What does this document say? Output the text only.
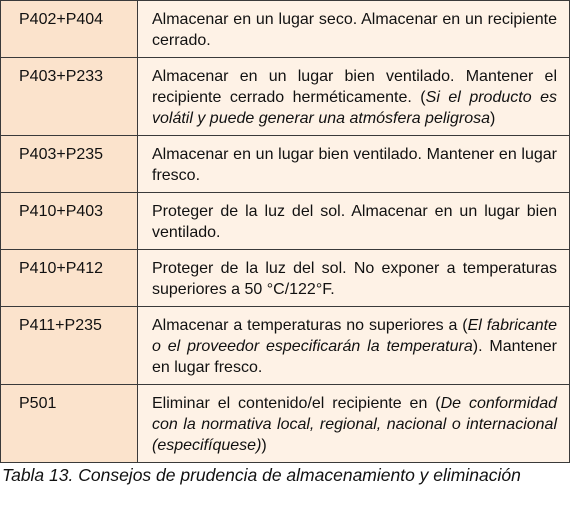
P402+P404	Almacenar en un lugar seco. Almacenar en un recipiente cerrado.
P403+P233	Almacenar en un lugar bien ventilado. Mantener el recipiente cerrado herméticamente. (Si el producto es volátil y puede generar una atmósfera peligrosa)
P403+P235	Almacenar en un lugar bien ventilado. Mantener en lugar fresco.
P410+P403	Proteger de la luz del sol. Almacenar en un lugar bien ventilado.
P410+P412	Proteger de la luz del sol. No exponer a temperaturas superiores a 50 °C/122°F.
P411+P235	Almacenar a temperaturas no superiores a (El fabricante o el proveedor especificarán la temperatura). Mantener en lugar fresco.
P501	Eliminar el contenido/el recipiente en (De conformidad con la normativa local, regional, nacional o internacional (especifíquese))
Tabla 13. Consejos de prudencia de almacenamiento y eliminación
